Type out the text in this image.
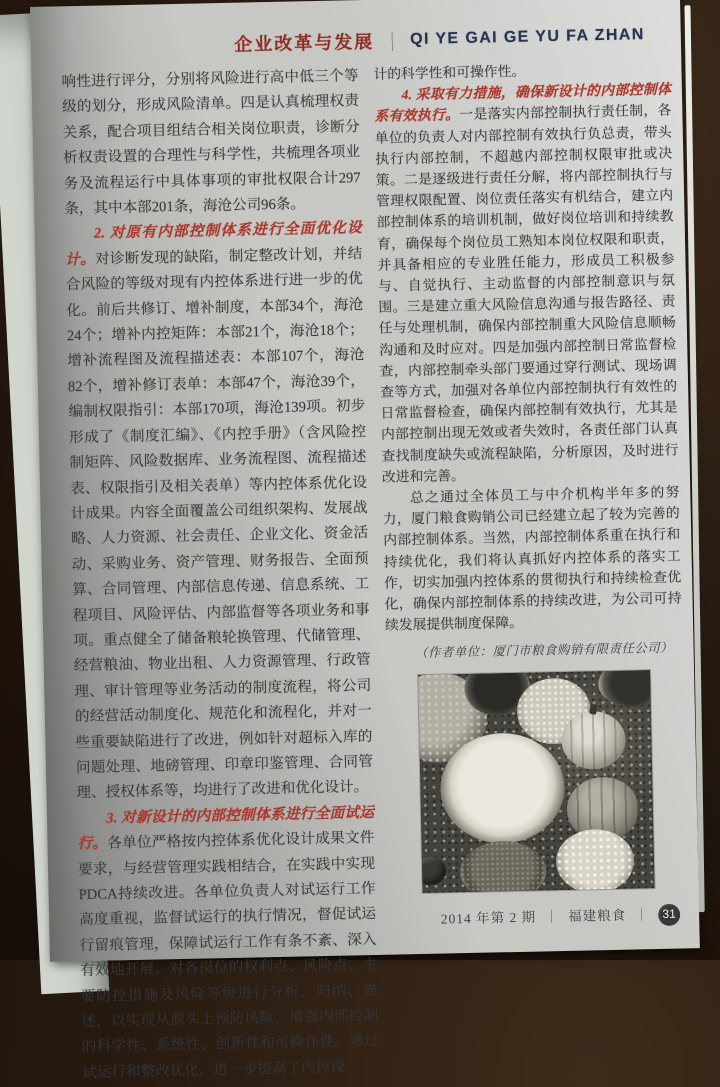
企业改革与发展 ｜ QI YE GAI GE YU FA ZHAN

响性进行评分，分别将风险进行高中低三个等级的划分，形成风险清单。四是认真梳理权责关系，配合项目组结合相关岗位职责，诊断分析权责设置的合理性与科学性，共梳理各项业务及流程运行中具体事项的审批权限合计297条，其中本部201条，海沧公司96条。

2. 对原有内部控制体系进行全面优化设计。对诊断发现的缺陷，制定整改计划，并结合风险的等级对现有内控体系进行进一步的优化。前后共修订、增补制度，本部34个，海沧24个；增补内控矩阵：本部21个，海沧18个；增补流程图及流程描述表：本部107个，海沧82个，增补修订表单：本部47个，海沧39个，编制权限指引：本部170项，海沧139项。初步形成了《制度汇编》、《内控手册》（含风险控制矩阵、风险数据库、业务流程图、流程描述表、权限指引及相关表单）等内控体系优化设计成果。内容全面覆盖公司组织架构、发展战略、人力资源、社会责任、企业文化、资金活动、采购业务、资产管理、财务报告、全面预算、合同管理、内部信息传递、信息系统、工程项目、风险评估、内部监督等各项业务和事项。重点健全了储备粮轮换管理、代储管理、经营粮油、物业出租、人力资源管理、行政管理、审计管理等业务活动的制度流程，将公司的经营活动制度化、规范化和流程化，并对一些重要缺陷进行了改进，例如针对超标入库的问题处理、地磅管理、印章印鉴管理、合同管理、授权体系等，均进行了改进和优化设计。

3. 对新设计的内部控制体系进行全面试运行。各单位严格按内控体系优化设计成果文件要求，与经营管理实践相结合，在实践中实现PDCA持续改进。各单位负责人对试运行工作高度重视，监督试运行的执行情况，督促试运行留痕管理，保障试运行工作有条不紊、深入有效地开展。对各岗位的权利点、风险点、主要防控措施及风险等级进行分析、归纳、描述，以实现从源头上预防风险，增强内部控制的科学性、系统性、创新性和可操作性。通过试运行和整改优化，进一步提高了内控设

计的科学性和可操作性。

4. 采取有力措施，确保新设计的内部控制体系有效执行。一是落实内部控制执行责任制，各单位的负责人对内部控制有效执行负总责，带头执行内部控制，不超越内部控制权限审批或决策。二是逐级进行责任分解，将内部控制执行与管理权限配置、岗位责任落实有机结合，建立内部控制体系的培训机制，做好岗位培训和持续教育，确保每个岗位员工熟知本岗位权限和职责，并具备相应的专业胜任能力，形成员工积极参与、自觉执行、主动监督的内部控制意识与氛围。三是建立重大风险信息沟通与报告路径、责任与处理机制，确保内部控制重大风险信息顺畅沟通和及时应对。四是加强内部控制日常监督检查，内部控制牵头部门要通过穿行测试、现场调查等方式，加强对各单位内部控制执行有效性的日常监督检查，确保内部控制有效执行，尤其是内部控制出现无效或者失效时，各责任部门认真查找制度缺失或流程缺陷，分析原因，及时进行改进和完善。

总之通过全体员工与中介机构半年多的努力，厦门粮食购销公司已经建立起了较为完善的内部控制体系。当然，内部控制体系重在执行和持续优化，我们将认真抓好内控体系的落实工作，切实加强内控体系的贯彻执行和持续检查优化，确保内部控制体系的持续改进，为公司可持续发展提供制度保障。

（作者单位：厦门市粮食购销有限责任公司）

2014 年第 2 期 ｜ 福建粮食 ｜	31
